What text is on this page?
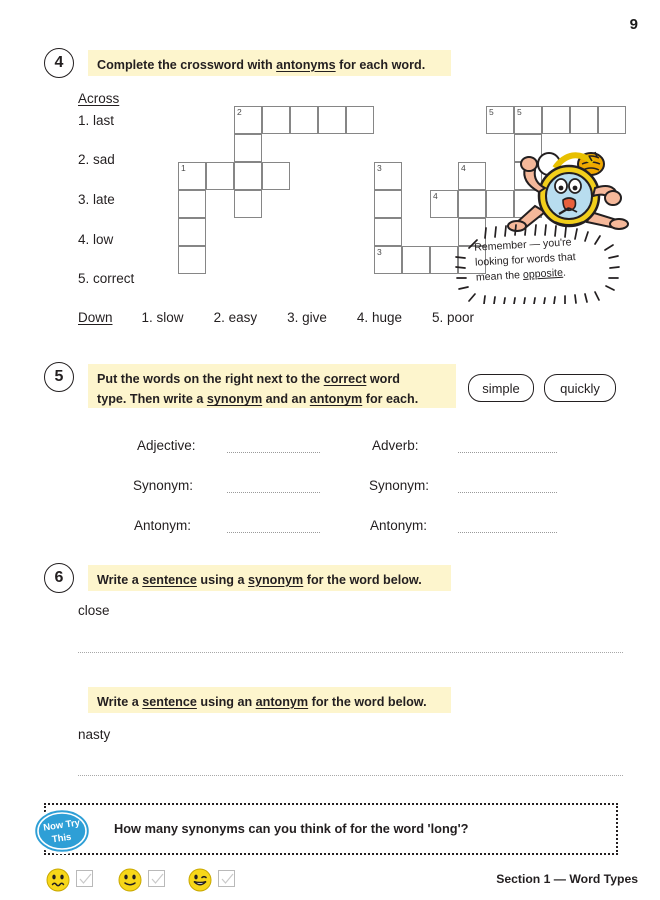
9
4	Complete the crossword with antonyms for each word.
Across
1. last
2. sad
3. late
4. low
5. correct
Down 1. slow 2. easy 3. give 4. huge 5. poor
2	5	5
1	3	4
4
3	Remember — you're
looking for words that
mean the opposite.
5	Put the words on the right next to the correct word
type. Then write a synonym and an antonym for each.
simple	quickly
Adjective:
Synonym:
Antonym:
Adverb:
Synonym:
Antonym:
6	Write a sentence using a synonym for the word below.
close
Write a sentence using an antonym for the word below.
nasty
Now Try
This
How many synonyms can you think of for the word 'long'?
Section 1 — Word Types
